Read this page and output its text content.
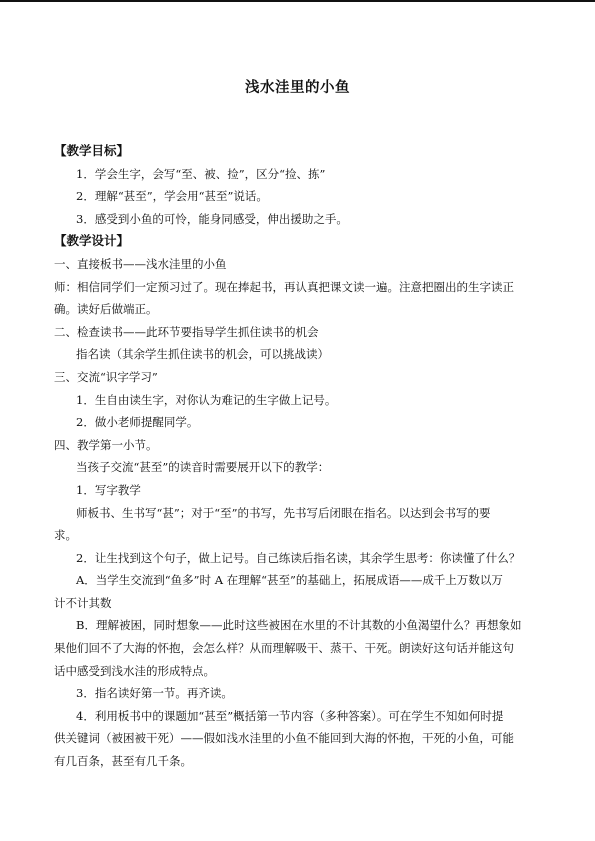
浅水洼里的小鱼

【教学目标】

1．学会生字，会写“至、被、捡”，区分“捡、拣”

2．理解“甚至”，学会用“甚至”说话。

3．感受到小鱼的可怜，能身同感受，伸出援助之手。

【教学设计】

一、直接板书——浅水洼里的小鱼

师：相信同学们一定预习过了。现在捧起书，再认真把课文读一遍。注意把圈出的生字读正

确。读好后做端正。

二、检查读书——此环节要指导学生抓住读书的机会

指名读（其余学生抓住读书的机会，可以挑战读）

三、交流“识字学习”

1．生自由读生字，对你认为难记的生字做上记号。

2．做小老师提醒同学。

四、教学第一小节。

当孩子交流“甚至”的读音时需要展开以下的教学：

1．写字教学

师板书、生书写“甚”；对于“至”的书写，先书写后闭眼在指名。以达到会书写的要

求。

2．让生找到这个句子，做上记号。自己练读后指名读，其余学生思考：你读懂了什么？

A．当学生交流到“鱼多”时 A 在理解“甚至”的基础上，拓展成语——成千上万数以万

计不计其数

B．理解被困，同时想象——此时这些被困在水里的不计其数的小鱼渴望什么？再想象如

果他们回不了大海的怀抱，会怎么样？从而理解吸干、蒸干、干死。朗读好这句话并能这句

话中感受到浅水洼的形成特点。

3．指名读好第一节。再齐读。

4．利用板书中的课题加“甚至”概括第一节内容（多种答案）。可在学生不知如何时提

供关键词（被困被干死）——假如浅水洼里的小鱼不能回到大海的怀抱，干死的小鱼，可能

有几百条，甚至有几千条。
